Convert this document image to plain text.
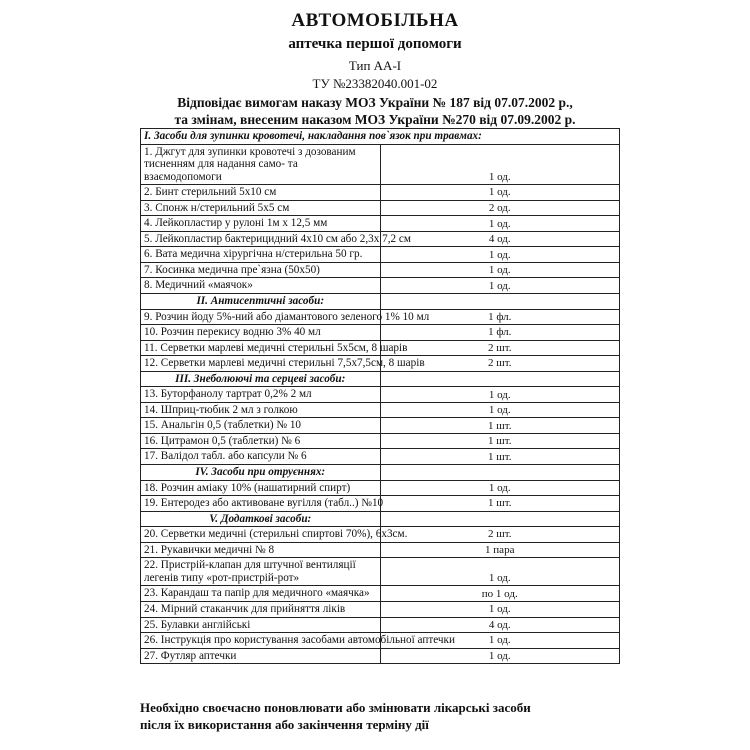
АВТОМОБІЛЬНА
аптечка першої допомоги
Тип АА-І
ТУ №23382040.001-02
Відповідає вимогам наказу МОЗ України № 187 від 07.07.2002 р.,
та змінам, внесеним наказом МОЗ України №270 від 07.09.2002 р.
І. Засоби для зупинки кровотечі, накладання пов`язок при травмах:	
1. Джгут для зупинки кровотечі з дозованим тисненням для надання само- та взаємодопомоги	1 од.
2. Бинт стерильний 5х10 см	1 од.
3. Спонж н/стерильний 5х5 см	2 од.
4. Лейкопластир у рулоні 1м х 12,5 мм	1 од.
5. Лейкопластир бактерицидний 4х10 см або 2,3х 7,2 см	4 од.
6. Вата медична хірургічна н/стерильна 50 гр.	1 од.
7. Косинка медична пре`язна (50х50)	1 од.
8. Медичний «маячок»	1 од.
ІІ. Антисептичні засоби:	
9. Розчин йоду 5%-ний або діамантового зеленого 1% 10 мл	1 фл.
10. Розчин перекису водню 3% 40 мл	1 фл.
11. Серветки марлеві медичні стерильні 5х5см, 8 шарів	2 шт.
12. Серветки марлеві медичні стерильні 7,5х7,5см, 8 шарів	2 шт.
ІІІ. Знеболюючі та серцеві засоби:	
13. Буторфанолу тартрат 0,2% 2 мл	1 од.
14. Шприц-тюбик 2 мл з голкою	1 од.
15. Анальгін 0,5 (таблетки) № 10	1 шт.
16. Цитрамон 0,5 (таблетки) № 6	1 шт.
17. Валідол табл. або капсули № 6	1 шт.
IV. Засоби при отруєннях:	
18. Розчин аміаку 10% (нашатирний спирт)	1 од.
19. Ентеродез або активоване вугілля (табл..) №10	1 шт.
V. Додаткові засоби:	
20. Серветки медичні (стерильні спиртові 70%), 6х3см.	2 шт.
21. Рукавички медичні № 8	1 пара
22. Пристрій-клапан для штучної вентиляції легенів типу «рот-пристрій-рот»	1 од.
23. Карандаш та папір для медичного «маячка»	по 1 од.
24. Мірний стаканчик для прийняття ліків	1 од.
25. Булавки англійські	4 од.
26. Інструкція про користування засобами автомобільної аптечки	1 од.
27. Футляр аптечки	1 од.
Необхідно своєчасно поновлювати або змінювати лікарські засоби
після їх використання або закінчення терміну дії
